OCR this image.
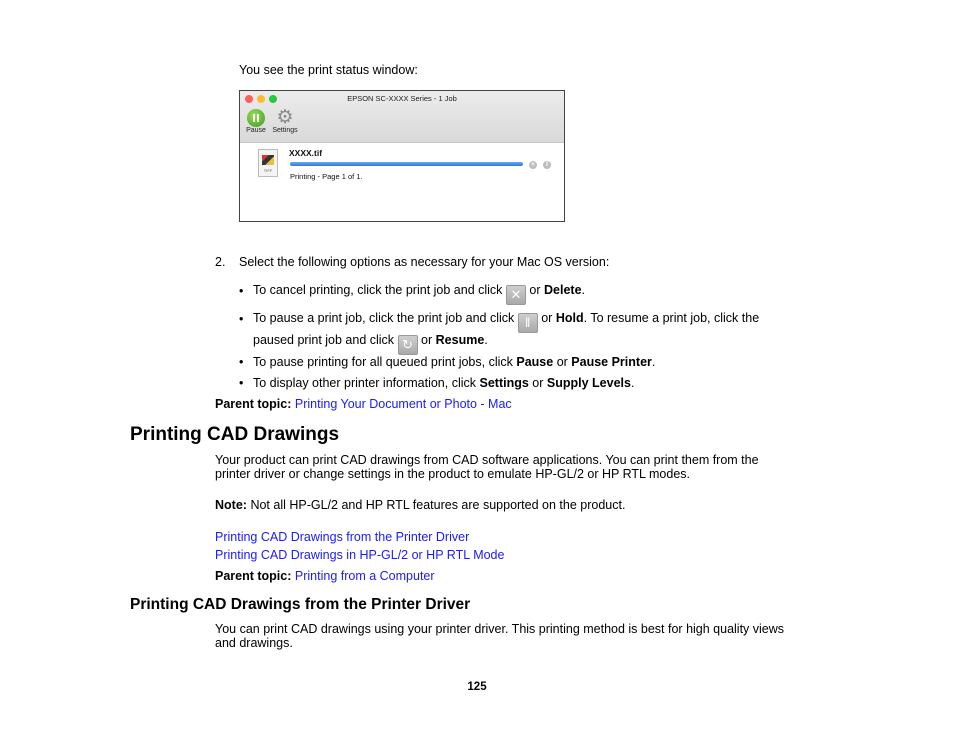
You see the print status window:
EPSON SC-XXXX Series - 1 Job
Pause
⚙
Settings
TIFF
XXXX.tif
✕	ǁ
Printing - Page 1 of 1.
2. Select the following options as necessary for your Mac OS version:
• To cancel printing, click the print job and click ✕ or Delete.
• To pause a print job, click the print job and click ǁ or Hold. To resume a print job, click the
paused print job and click ↻ or Resume.
• To pause printing for all queued print jobs, click Pause or Pause Printer.
• To display other printer information, click Settings or Supply Levels.
Parent topic: Printing Your Document or Photo - Mac
Printing CAD Drawings
Your product can print CAD drawings from CAD software applications. You can print them from the
printer driver or change settings in the product to emulate HP-GL/2 or HP RTL modes.
Note: Not all HP-GL/2 and HP RTL features are supported on the product.
Printing CAD Drawings from the Printer Driver
Printing CAD Drawings in HP-GL/2 or HP RTL Mode
Parent topic: Printing from a Computer
Printing CAD Drawings from the Printer Driver
You can print CAD drawings using your printer driver. This printing method is best for high quality views
and drawings.
125
